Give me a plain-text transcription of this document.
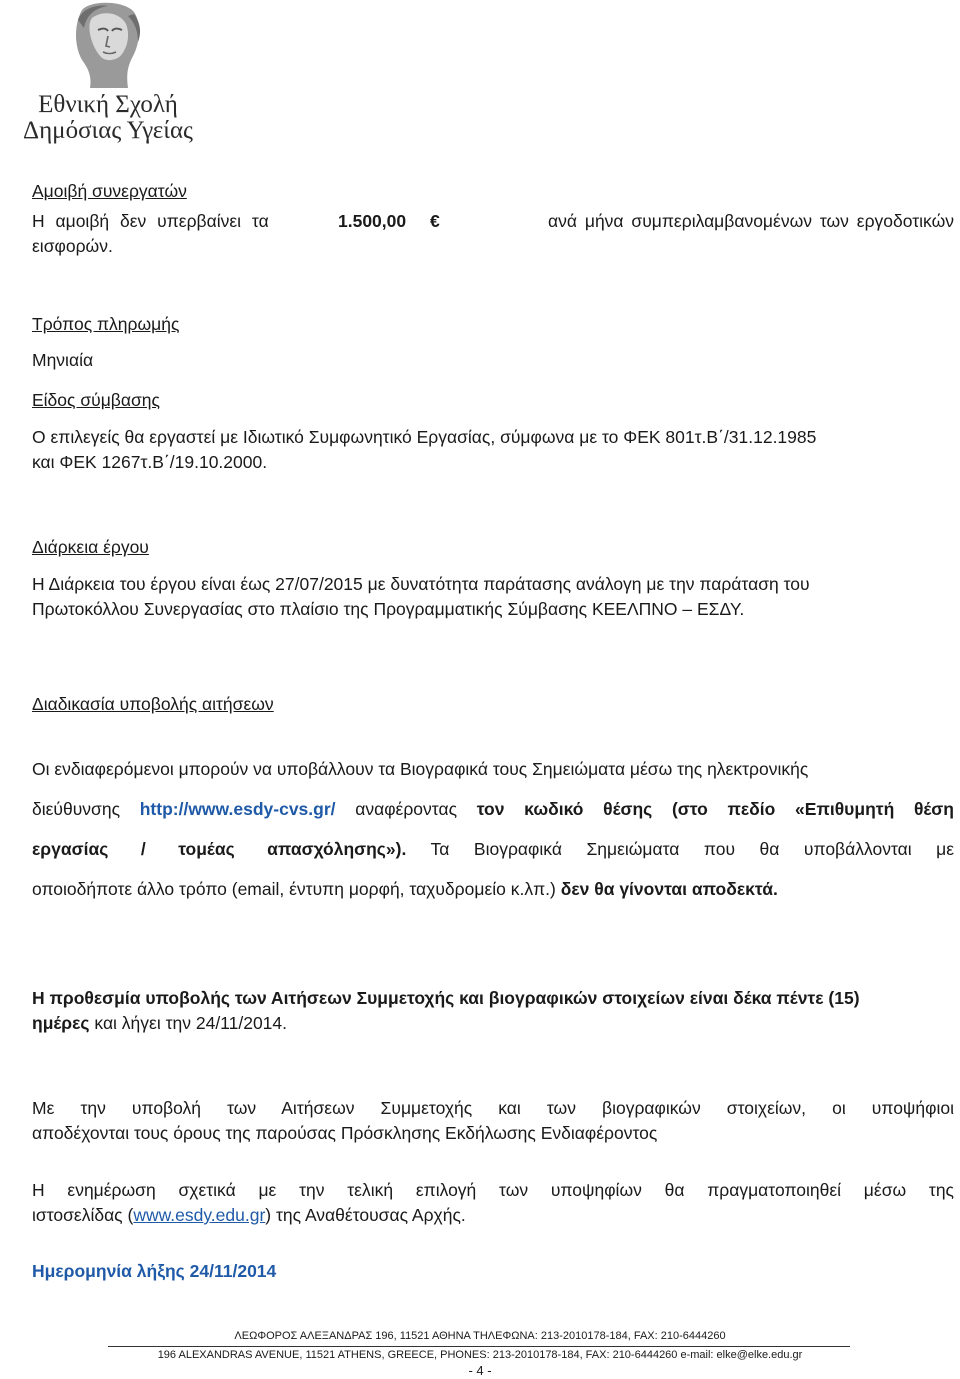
Εθνική Σχολή
Δημόσιας Υγείας
Αμοιβή συνεργατών
Η αμοιβή δεν υπερβαίνει τα	1.500,00 €	ανά μήνα συμπεριλαμβανομένων των εργοδοτικών
εισφορών.
Τρόπος πληρωμής
Μηνιαία
Είδος σύμβασης
Ο επιλεγείς θα εργαστεί με Ιδιωτικό Συμφωνητικό Εργασίας, σύμφωνα με το ΦΕΚ 801τ.Β΄/31.12.1985
και ΦΕΚ 1267τ.Β΄/19.10.2000.
Διάρκεια έργου
Η Διάρκεια του έργου είναι έως 27/07/2015 με δυνατότητα παράτασης ανάλογη με την παράταση του
Πρωτοκόλλου Συνεργασίας στο πλαίσιο της Προγραμματικής Σύμβασης ΚΕΕΛΠΝΟ – ΕΣΔΥ.
Διαδικασία υποβολής αιτήσεων
Οι ενδιαφερόμενοι μπορούν να υποβάλλουν τα Βιογραφικά τους Σημειώματα μέσω της ηλεκτρονικής
διεύθυνσης http://www.esdy-cvs.gr/ αναφέροντας τον κωδικό θέσης (στο πεδίο «Επιθυμητή θέση
εργασίας / τομέας απασχόλησης»). Τα Βιογραφικά Σημειώματα που θα υποβάλλονται με
οποιοδήποτε άλλο τρόπο (email, έντυπη μορφή, ταχυδρομείο κ.λπ.) δεν θα γίνονται αποδεκτά.
Η προθεσμία υποβολής των Αιτήσεων Συμμετοχής και βιογραφικών στοιχείων είναι δέκα πέντε (15)
ημέρες και λήγει την 24/11/2014.
Με την υποβολή των Αιτήσεων Συμμετοχής και των βιογραφικών στοιχείων, οι υποψήφιοι
αποδέχονται τους όρους της παρούσας Πρόσκλησης Εκδήλωσης Ενδιαφέροντος
Η ενημέρωση σχετικά με την τελική επιλογή των υποψηφίων θα πραγματοποιηθεί μέσω της
ιστοσελίδας (www.esdy.edu.gr) της Αναθέτουσας Αρχής.
Ημερομηνία λήξης 24/11/2014
ΛΕΩΦΟΡΟΣ ΑΛΕΞΑΝΔΡΑΣ 196, 11521 ΑΘΗΝΑ ΤΗΛΕΦΩΝΑ: 213-2010178-184, FAX: 210-6444260
196 ALEXANDRAS AVENUE, 11521 ATHENS, GREECE, PHONES: 213-2010178-184, FAX: 210-6444260 e-mail: elke@elke.edu.gr
- 4 -
